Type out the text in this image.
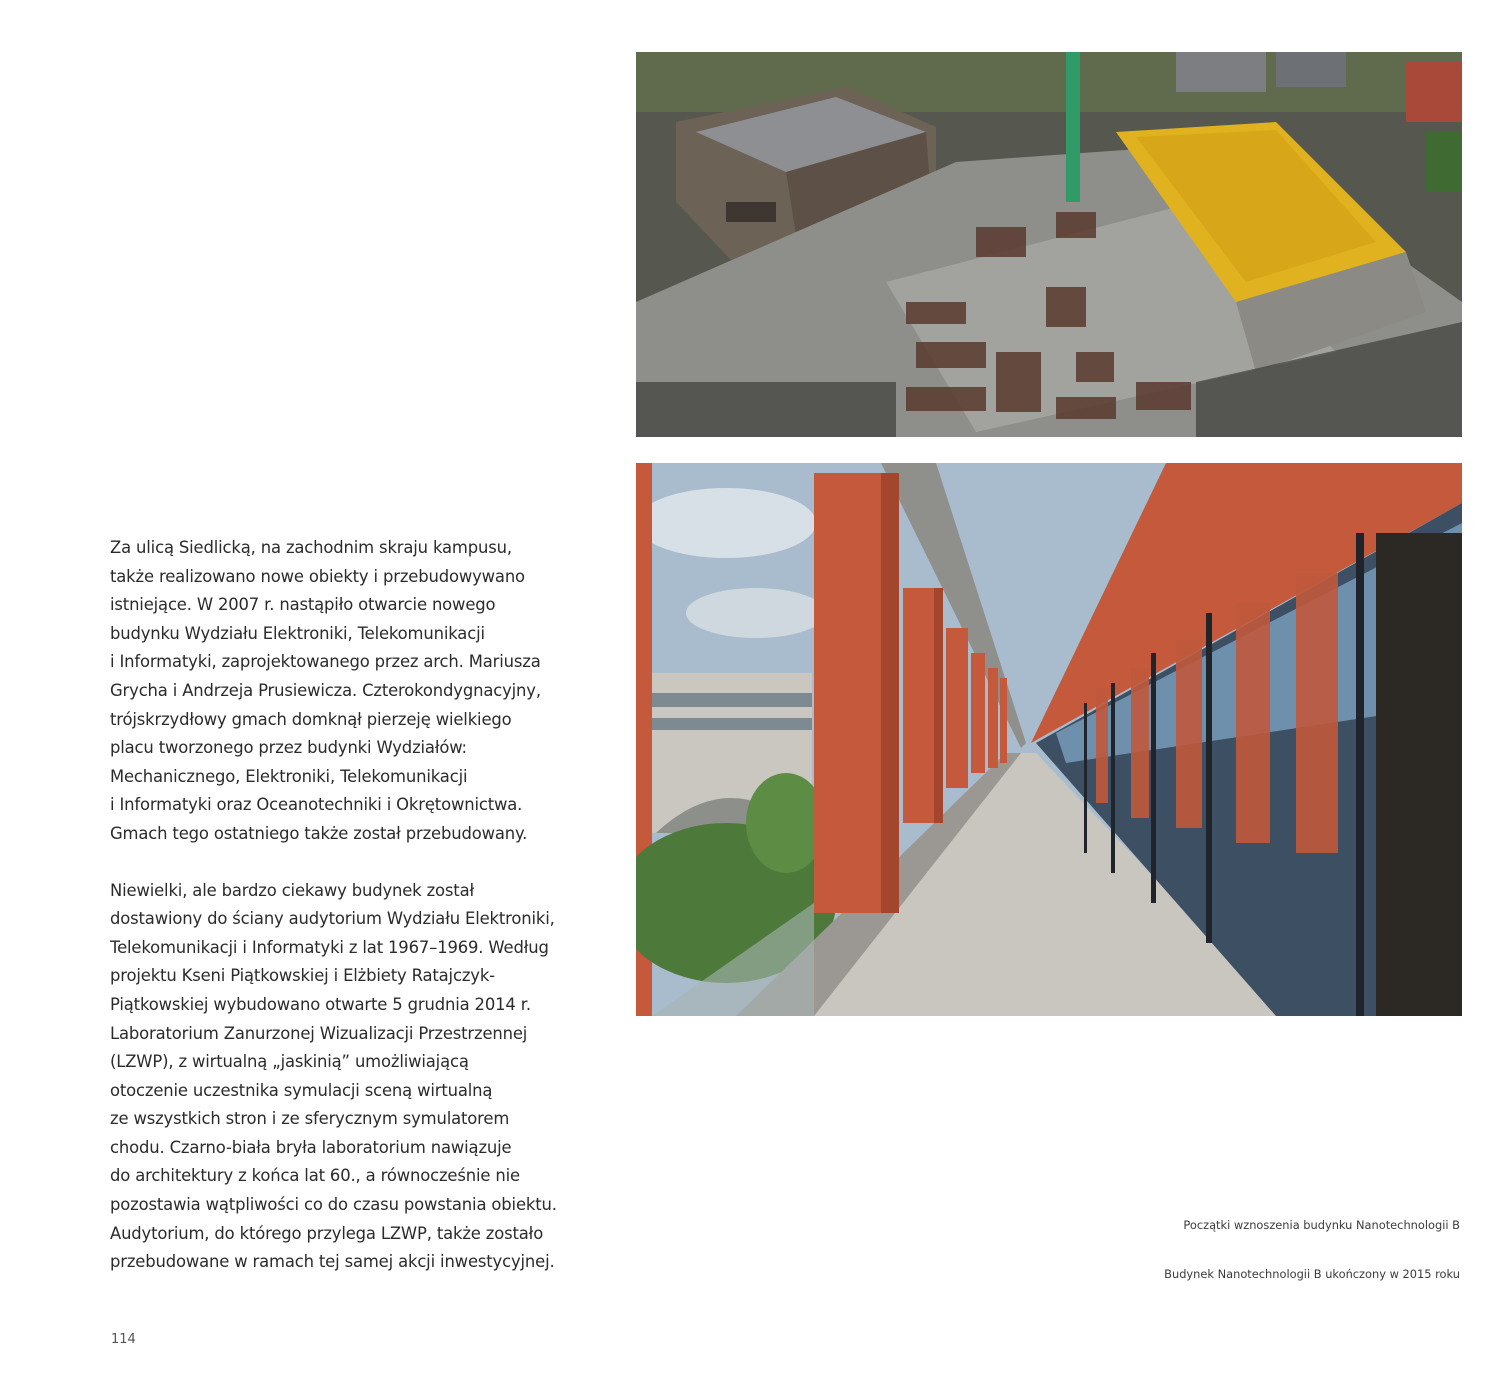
Za ulicą Siedlicką, na zachodnim skraju kampusu,
także realizowano nowe obiekty i przebudowywano
istniejące. W 2007 r. nastąpiło otwarcie nowego
budynku Wydziału Elektroniki, Telekomunikacji
i Informatyki, zaprojektowanego przez arch. Mariusza
Grycha i Andrzeja Prusiewicza. Czterokondygnacyjny,
trójskrzydłowy gmach domknął pierzeję wielkiego
placu tworzonego przez budynki Wydziałów:
Mechanicznego, Elektroniki, Telekomunikacji
i Informatyki oraz Oceanotechniki i Okrętownictwa.
Gmach tego ostatniego także został przebudowany.

Niewielki, ale bardzo ciekawy budynek został
dostawiony do ściany audytorium Wydziału Elektroniki,
Telekomunikacji i Informatyki z lat 1967–1969. Według
projektu Kseni Piątkowskiej i Elżbiety Ratajczyk-
Piątkowskiej wybudowano otwarte 5 grudnia 2014 r.
Laboratorium Zanurzonej Wizualizacji Przestrzennej
(LZWP), z wirtualną „jaskinią” umożliwiającą
otoczenie uczestnika symulacji sceną wirtualną
ze wszystkich stron i ze sferycznym symulatorem
chodu. Czarno-biała bryła laboratorium nawiązuje
do architektury z końca lat 60., a równocześnie nie
pozostawia wątpliwości co do czasu powstania obiektu.
Audytorium, do którego przylega LZWP, także zostało
przebudowane w ramach tej samej akcji inwestycyjnej.

114
Początki wznoszenia budynku Nanotechnologii B
Budynek Nanotechnologii B ukończony w 2015 roku
